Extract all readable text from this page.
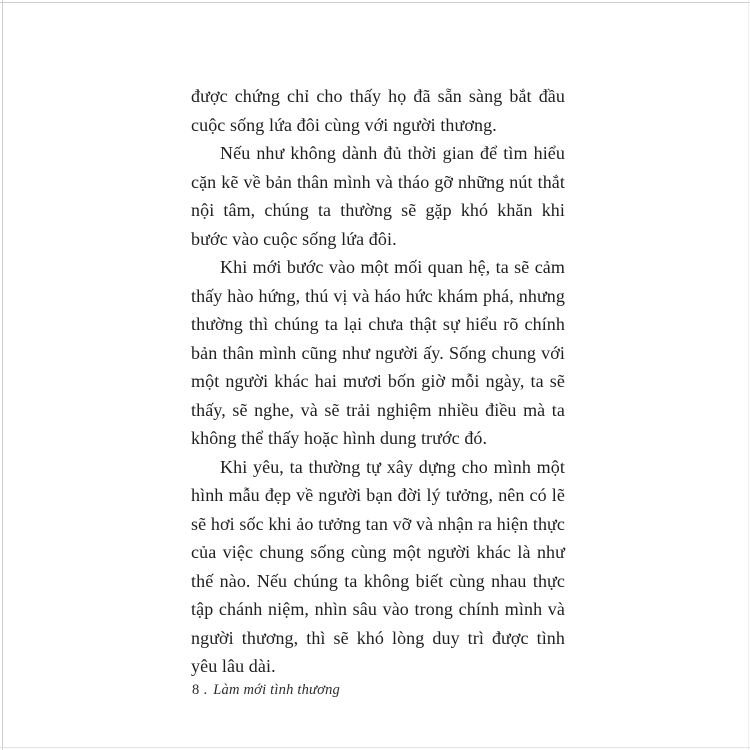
được chứng chỉ cho thấy họ đã sẵn sàng bắt đầu cuộc sống lứa đôi cùng với người thương.

Nếu như không dành đủ thời gian để tìm hiểu cặn kẽ về bản thân mình và tháo gỡ những nút thắt nội tâm, chúng ta thường sẽ gặp khó khăn khi bước vào cuộc sống lứa đôi.

Khi mới bước vào một mối quan hệ, ta sẽ cảm thấy hào hứng, thú vị và háo hức khám phá, nhưng thường thì chúng ta lại chưa thật sự hiểu rõ chính bản thân mình cũng như người ấy. Sống chung với một người khác hai mươi bốn giờ mỗi ngày, ta sẽ thấy, sẽ nghe, và sẽ trải nghiệm nhiều điều mà ta không thể thấy hoặc hình dung trước đó.

Khi yêu, ta thường tự xây dựng cho mình một hình mẫu đẹp về người bạn đời lý tưởng, nên có lẽ sẽ hơi sốc khi ảo tưởng tan vỡ và nhận ra hiện thực của việc chung sống cùng một người khác là như thế nào. Nếu chúng ta không biết cùng nhau thực tập chánh niệm, nhìn sâu vào trong chính mình và người thương, thì sẽ khó lòng duy trì được tình yêu lâu dài.

8 . Làm mới tình thương
